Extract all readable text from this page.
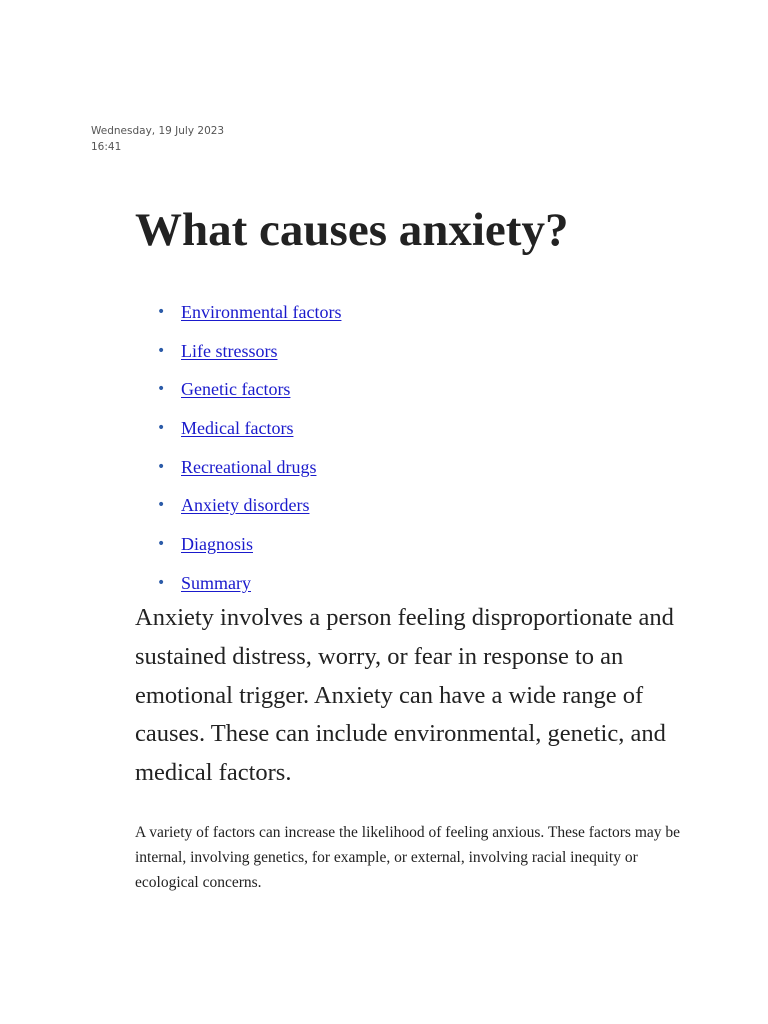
Wednesday, 19 July 2023
16:41
What causes anxiety?
• Environmental factors
• Life stressors
• Genetic factors
• Medical factors
• Recreational drugs
• Anxiety disorders
• Diagnosis
• Summary

Anxiety involves a person feeling disproportionate and sustained distress, worry, or fear in response to an emotional trigger. Anxiety can have a wide range of causes. These can include environmental, genetic, and medical factors.

A variety of factors can increase the likelihood of feeling anxious. These factors may be internal, involving genetics, for example, or external, involving racial inequity or ecological concerns.
